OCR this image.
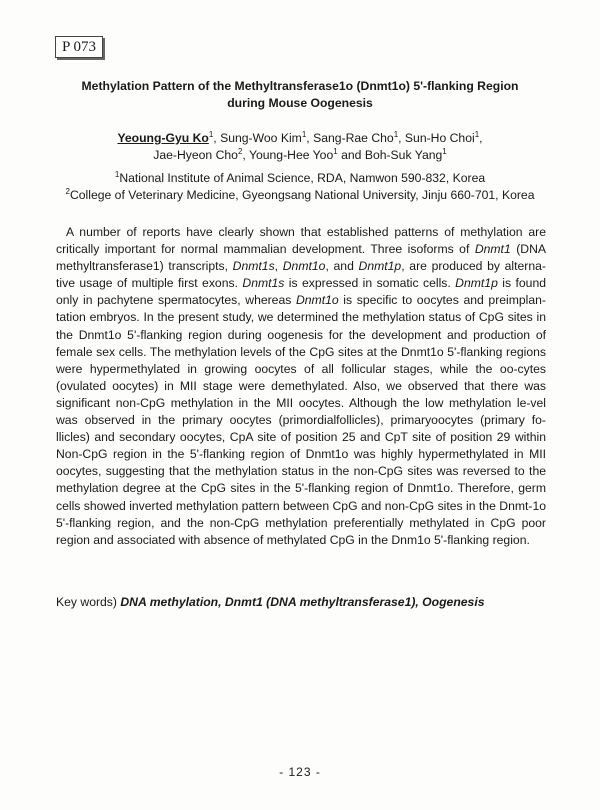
P 073
Methylation Pattern of the Methyltransferase1o (Dnmt1o) 5'-flanking Region
during Mouse Oogenesis
Yeoung-Gyu Ko$^1$, Sung-Woo Kim$^1$, Sang-Rae Cho$^1$, Sun-Ho Choi$^1$,
Jae-Hyeon Cho$^2$, Young-Hee Yoo$^1$ and Boh-Suk Yang$^1$
$^1$National Institute of Animal Science, RDA, Namwon 590-832, Korea
$^2$College of Veterinary Medicine, Gyeongsang National University, Jinju 660-701, Korea

A number of reports have clearly shown that established patterns of methylation are critically important for normal mammalian development. Three isoforms of Dnmt1 (DNA methyltransferase1) transcripts, Dnmt1s, Dnmt1o, and Dnmt1p, are produced by alterna-tive usage of multiple first exons. Dnmt1s is expressed in somatic cells. Dnmt1p is found only in pachytene spermatocytes, whereas Dnmt1o is specific to oocytes and preimplan-tation embryos. In the present study, we determined the methylation status of CpG sites in the Dnmt1o 5'-flanking region during oogenesis for the development and production of female sex cells. The methylation levels of the CpG sites at the Dnmt1o 5'-flanking regions were hypermethylated in growing oocytes of all follicular stages, while the oo-cytes (ovulated oocytes) in MII stage were demethylated. Also, we observed that there was significant non-CpG methylation in the MII oocytes. Although the low methylation le-vel was observed in the primary oocytes (primordialfollicles), primaryoocytes (primary fo-llicles) and secondary oocytes, CpA site of position 25 and CpT site of position 29 within Non-CpG region in the 5'-flanking region of Dnmt1o was highly hypermethylated in MII oocytes, suggesting that the methylation status in the non-CpG sites was reversed to the methylation degree at the CpG sites in the 5'-flanking region of Dnmt1o. Therefore, germ cells showed inverted methylation pattern between CpG and non-CpG sites in the Dnmt-1o 5'-flanking region, and the non-CpG methylation preferentially methylated in CpG poor region and associated with absence of methylated CpG in the Dnm1o 5'-flanking region.

Key words) DNA methylation, Dnmt1 (DNA methyltransferase1), Oogenesis
- 123 -
